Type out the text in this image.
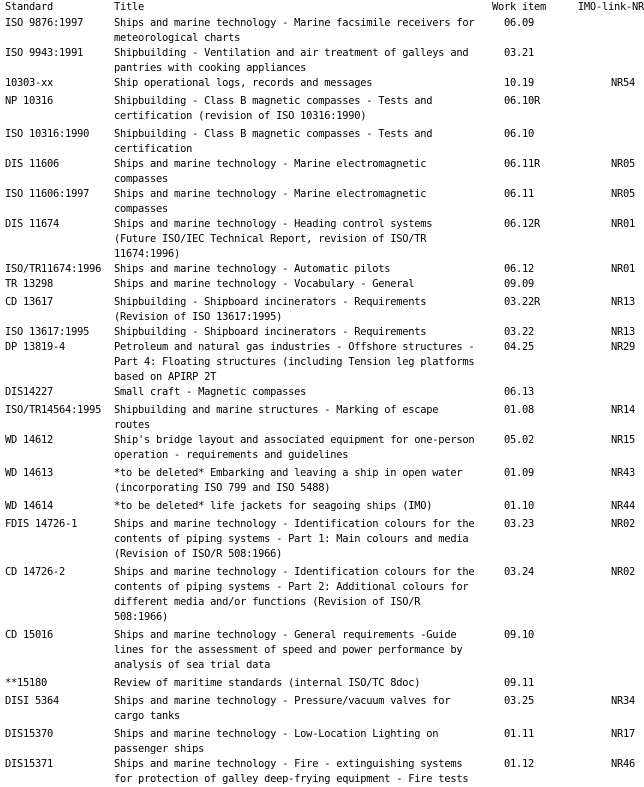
Standard	Title	Work item	IMO-link-NR
ISO 9876:1997	Ships and marine technology - Marine facsimile receivers for
meteorological charts	06.09	
ISO 9943:1991	Shipbuilding - Ventilation and air treatment of galleys and
pantries with cooking appliances	03.21	
10303-xx	Ship operational logs, records and messages	10.19	NR54
NP 10316	Shipbuilding - Class B magnetic compasses - Tests and
certification (revision of ISO 10316:1990)	06.10R	
ISO 10316:1990	Shipbuilding - Class B magnetic compasses - Tests and
certification	06.10	
DIS 11606	Ships and marine technology - Marine electromagnetic
compasses	06.11R	NR05
ISO 11606:1997	Ships and marine technology - Marine electromagnetic
compasses	06.11	NR05
DIS 11674	Ships and marine technology - Heading control systems
(Future ISO/IEC Technical Report, revision of ISO/TR
11674:1996)	06.12R	NR01
ISO/TR11674:1996	Ships and marine technology - Automatic pilots	06.12	NR01
TR 13298	Ships and marine technology - Vocabulary - General	09.09	
CD 13617	Shipbuilding - Shipboard incinerators - Requirements
(Revision of ISO 13617:1995)	03.22R	NR13
ISO 13617:1995	Shipbuilding - Shipboard incinerators - Requirements	03.22	NR13
DP 13819-4	Petroleum and natural gas industries - Offshore structures -
Part 4: Floating structures (including Tension leg platforms
based on APIRP 2T	04.25	NR29
DIS14227	Small craft - Magnetic compasses	06.13	
ISO/TR14564:1995	Shipbuilding and marine structures - Marking of escape
routes	01.08	NR14
WD 14612	Ship's bridge layout and associated equipment for one-person
operation - requirements and guidelines	05.02	NR15
WD 14613	*to be deleted* Embarking and leaving a ship in open water
(incorporating ISO 799 and ISO 5488)	01.09	NR43
WD 14614	*to be deleted* life jackets for seagoing ships (IMO)	01.10	NR44
FDIS 14726-1	Ships and marine technology - Identification colours for the
contents of piping systems - Part 1: Main colours and media
(Revision of ISO/R 508:1966)	03.23	NR02
CD 14726-2	Ships and marine technology - Identification colours for the
contents of piping systems - Part 2: Additional colours for
different media and/or functions (Revision of ISO/R
508:1966)	03.24	NR02
CD 15016	Ships and marine technology - General requirements -Guide
lines for the assessment of speed and power performance by
analysis of sea trial data	09.10	
**15180	Review of maritime standards (internal ISO/TC 8doc)	09.11	
DISI 5364	Ships and marine technology - Pressure/vacuum valves for
cargo tanks	03.25	NR34
DIS15370	Ships and marine technology - Low-Location Lighting on
passenger ships	01.11	NR17
DIS15371	Ships and marine technology - Fire - extinguishing systems
for protection of galley deep-frying equipment - Fire tests	01.12	NR46
